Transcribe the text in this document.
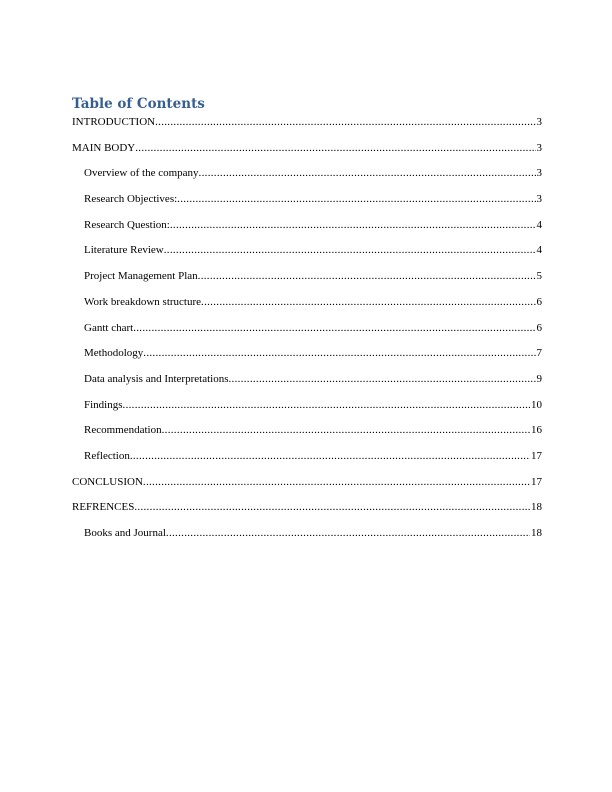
Table of Contents
INTRODUCTION .....	3
MAIN BODY .....	3
Overview of the company .....	3
Research Objectives: .....	3
Research Question: .....	4
Literature Review .....	4
Project Management Plan .....	5
Work breakdown structure .....	6
Gantt chart .....	6
Methodology .....	7
Data analysis and Interpretations .....	9
Findings .....	10
Recommendation .....	16
Reflection .....	17
CONCLUSION .....	17
REFRENCES .....	18
Books and Journal .....	18
